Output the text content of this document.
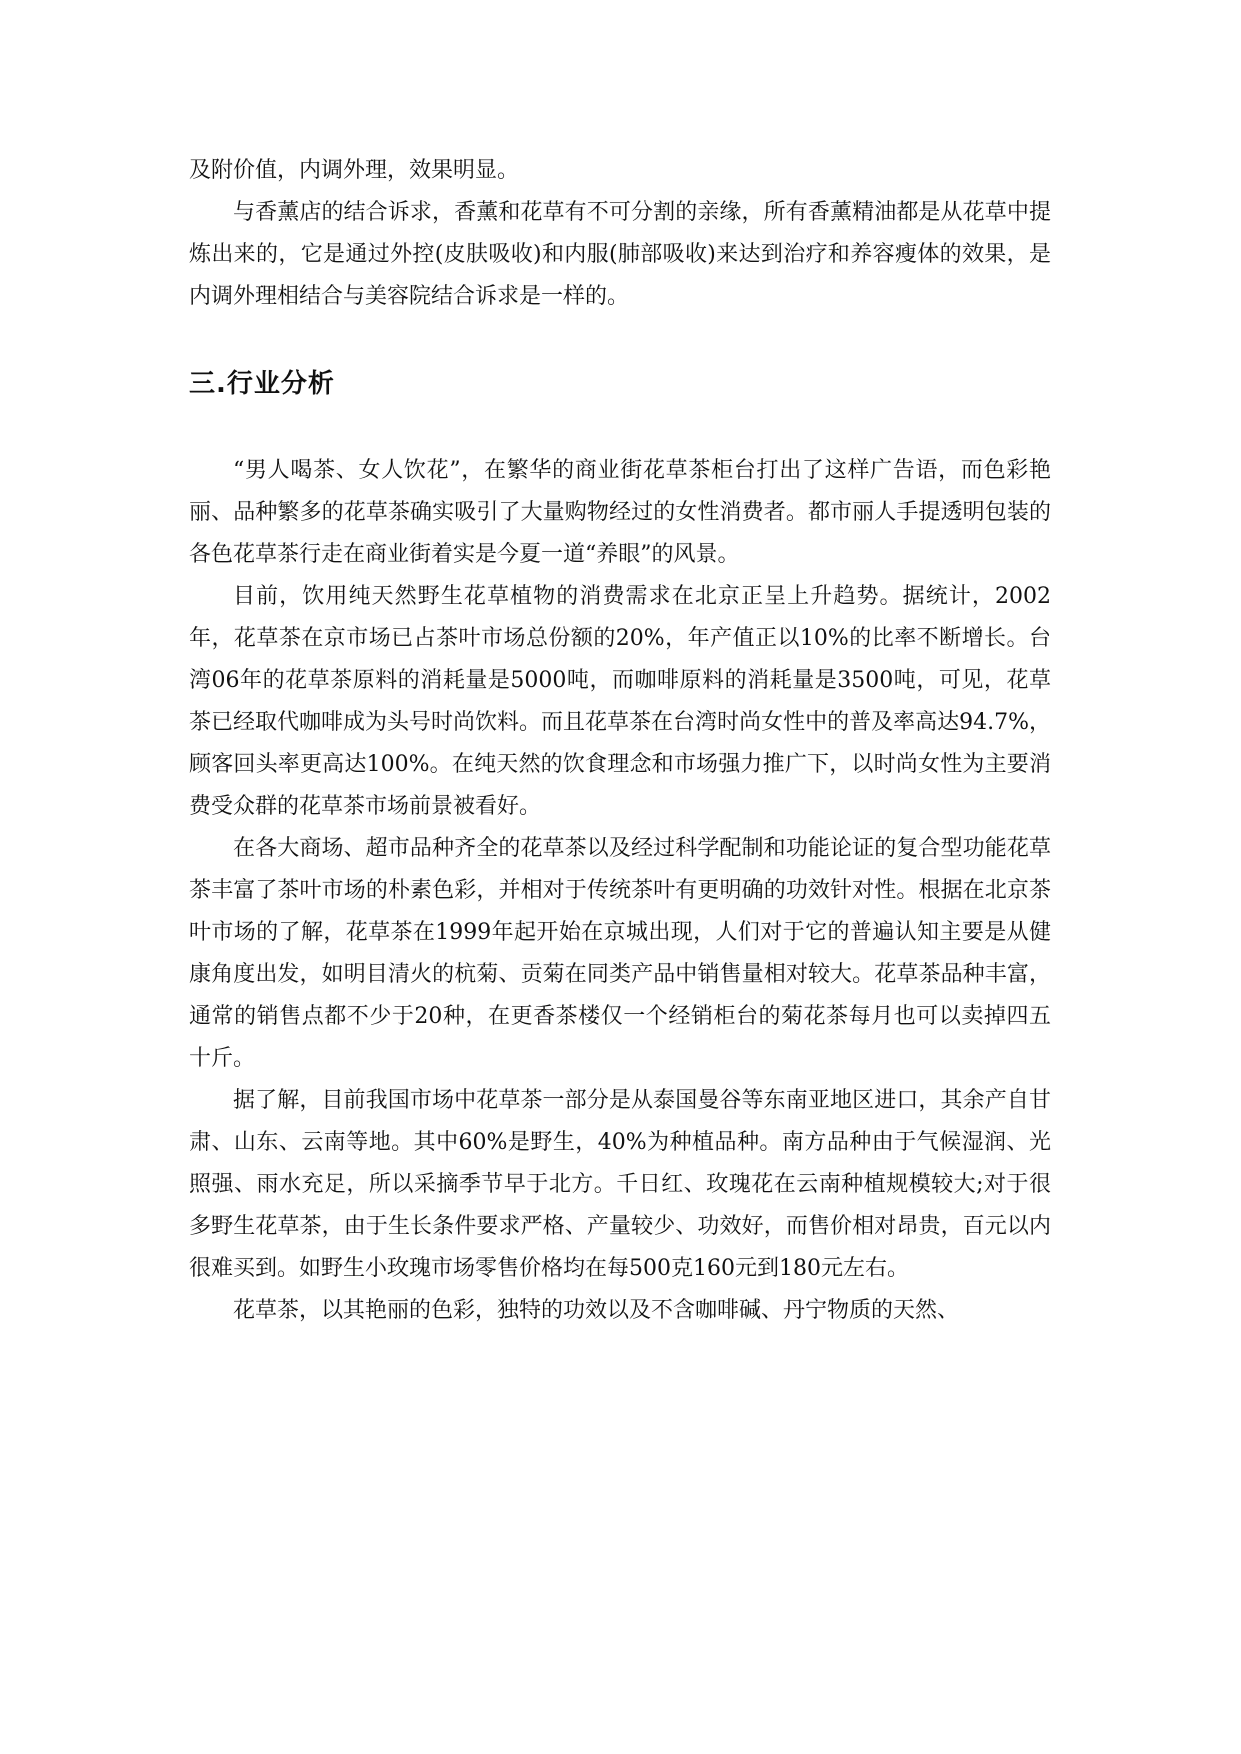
及附价值，内调外理，效果明显。

与香薰店的结合诉求，香薰和花草有不可分割的亲缘，所有香薰精油都是从花草中提炼出来的，它是通过外控(皮肤吸收)和内服(肺部吸收)来达到治疗和养容瘦体的效果，是内调外理相结合与美容院结合诉求是一样的。

三.行业分析

“男人喝茶、女人饮花”，在繁华的商业街花草茶柜台打出了这样广告语，而色彩艳丽、品种繁多的花草茶确实吸引了大量购物经过的女性消费者。都市丽人手提透明包装的各色花草茶行走在商业街着实是今夏一道“养眼”的风景。

目前，饮用纯天然野生花草植物的消费需求在北京正呈上升趋势。据统计，2002年，花草茶在京市场已占茶叶市场总份额的20%，年产值正以10%的比率不断增长。台湾06年的花草茶原料的消耗量是5000吨，而咖啡原料的消耗量是3500吨，可见，花草茶已经取代咖啡成为头号时尚饮料。而且花草茶在台湾时尚女性中的普及率高达94.7%，顾客回头率更高达100%。在纯天然的饮食理念和市场强力推广下，以时尚女性为主要消费受众群的花草茶市场前景被看好。

在各大商场、超市品种齐全的花草茶以及经过科学配制和功能论证的复合型功能花草茶丰富了茶叶市场的朴素色彩，并相对于传统茶叶有更明确的功效针对性。根据在北京茶叶市场的了解，花草茶在1999年起开始在京城出现，人们对于它的普遍认知主要是从健康角度出发，如明目清火的杭菊、贡菊在同类产品中销售量相对较大。花草茶品种丰富，通常的销售点都不少于20种，在更香茶楼仅一个经销柜台的菊花茶每月也可以卖掉四五十斤。

据了解，目前我国市场中花草茶一部分是从泰国曼谷等东南亚地区进口，其余产自甘肃、山东、云南等地。其中60%是野生，40%为种植品种。南方品种由于气候湿润、光照强、雨水充足，所以采摘季节早于北方。千日红、玫瑰花在云南种植规模较大;对于很多野生花草茶，由于生长条件要求严格、产量较少、功效好，而售价相对昂贵，百元以内很难买到。如野生小玫瑰市场零售价格均在每500克160元到180元左右。

花草茶，以其艳丽的色彩，独特的功效以及不含咖啡碱、丹宁物质的天然、
